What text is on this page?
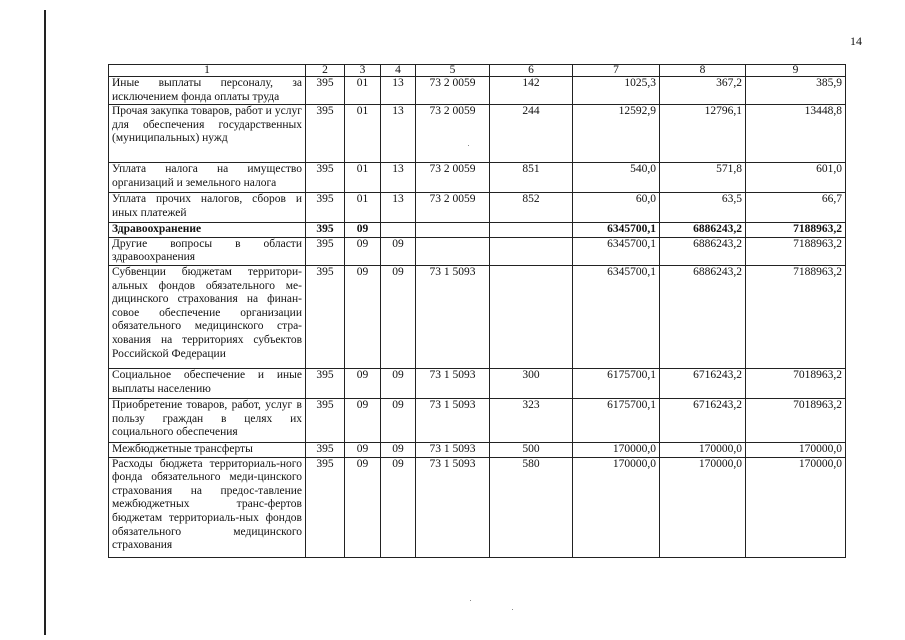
14
1	2	3	4	5	6	7	8	9
Иные выплаты персоналу, за исключением фонда оплаты труда	395	01	13	73 2 0059	142	1025,3	367,2	385,9
Прочая закупка товаров, работ и услуг для обеспечения государственных (муниципальных) нужд	395	01	13	73 2 0059	244	12592,9	12796,1	13448,8
Уплата налога на имущество организаций и земельного налога	395	01	13	73 2 0059	851	540,0	571,8	601,0
Уплата прочих налогов, сборов и иных платежей	395	01	13	73 2 0059	852	60,0	63,5	66,7
Здравоохранение	395	09				6345700,1	6886243,2	7188963,2
Другие вопросы в области здравоохранения	395	09	09			6345700,1	6886243,2	7188963,2
Субвенции бюджетам территори-альных фондов обязательного ме-дицинского страхования на финан-совое обеспечение организации обязательного медицинского стра-хования на территориях субъектов Российской Федерации	395	09	09	73 1 5093		6345700,1	6886243,2	7188963,2
Социальное обеспечение и иные выплаты населению	395	09	09	73 1 5093	300	6175700,1	6716243,2	7018963,2
Приобретение товаров, работ, услуг в пользу граждан в целях их социального обеспечения	395	09	09	73 1 5093	323	6175700,1	6716243,2	7018963,2
Межбюджетные трансферты	395	09	09	73 1 5093	500	170000,0	170000,0	170000,0
Расходы бюджета территориаль-ного фонда обязательного меди-цинского страхования на предос-тавление межбюджетных транс-фертов бюджетам территориаль-ных фондов обязательного медицинского страхования	395	09	09	73 1 5093	580	170000,0	170000,0	170000,0
